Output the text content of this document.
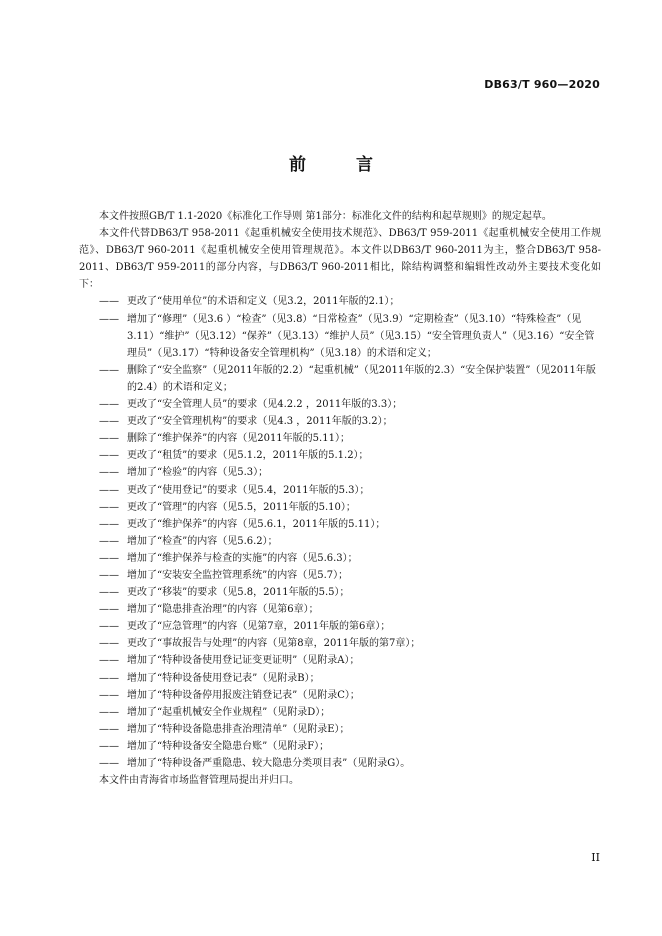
DB63/T 960—2020
前 言

本文件按照GB/T 1.1-2020《标准化工作导则 第1部分：标准化文件的结构和起草规则》的规定起草。

本文件代替DB63/T 958-2011《起重机械安全使用技术规范》、DB63/T 959-2011《起重机械安全使用工作规范》、DB63/T 960-2011《起重机械安全使用管理规范》。本文件以DB63/T 960-2011为主，整合DB63/T 958-2011、DB63/T 959-2011的部分内容，与DB63/T 960-2011相比，除结构调整和编辑性改动外主要技术变化如下：

—— 更改了“使用单位”的术语和定义（见3.2，2011年版的2.1）；
—— 增加了“修理”（见3.6 ）“检查”（见3.8）“日常检查”（见3.9）“定期检查”（见3.10）“特殊检查”（见3.11）“维护”（见3.12）“保养”（见3.13）“维护人员”（见3.15）“安全管理负责人”（见3.16）“安全管理员”（见3.17）“特种设备安全管理机构”（见3.18）的术语和定义；
—— 删除了“安全监察”（见2011年版的2.2）“起重机械”（见2011年版的2.3）“安全保护装置”（见2011年版的2.4）的术语和定义；
—— 更改了“安全管理人员”的要求（见4.2.2 ，2011年版的3.3）；
—— 更改了“安全管理机构”的要求（见4.3 ，2011年版的3.2）；
—— 删除了“维护保养”的内容（见2011年版的5.11）；
—— 更改了“租赁”的要求（见5.1.2，2011年版的5.1.2）；
—— 增加了“检验”的内容（见5.3）；
—— 更改了“使用登记”的要求（见5.4，2011年版的5.3）；
—— 更改了“管理”的内容（见5.5，2011年版的5.10）；
—— 更改了“维护保养”的内容（见5.6.1，2011年版的5.11）；
—— 增加了“检查”的内容（见5.6.2）；
—— 增加了“维护保养与检查的实施”的内容（见5.6.3）；
—— 增加了“安装安全监控管理系统”的内容（见5.7）；
—— 更改了“移装”的要求（见5.8，2011年版的5.5）；
—— 增加了“隐患排查治理”的内容（见第6章）；
—— 更改了“应急管理”的内容（见第7章，2011年版的第6章）；
—— 更改了“事故报告与处理”的内容（见第8章，2011年版的第7章）；
—— 增加了“特种设备使用登记证变更证明”（见附录A）；
—— 增加了“特种设备使用登记表”（见附录B）；
—— 增加了“特种设备停用报废注销登记表”（见附录C）；
—— 增加了“起重机械安全作业规程”（见附录D）；
—— 增加了“特种设备隐患排查治理清单”（见附录E）；
—— 增加了“特种设备安全隐患台账”（见附录F）；
—— 增加了“特种设备严重隐患、较大隐患分类项目表”（见附录G）。

本文件由青海省市场监督管理局提出并归口。

II
